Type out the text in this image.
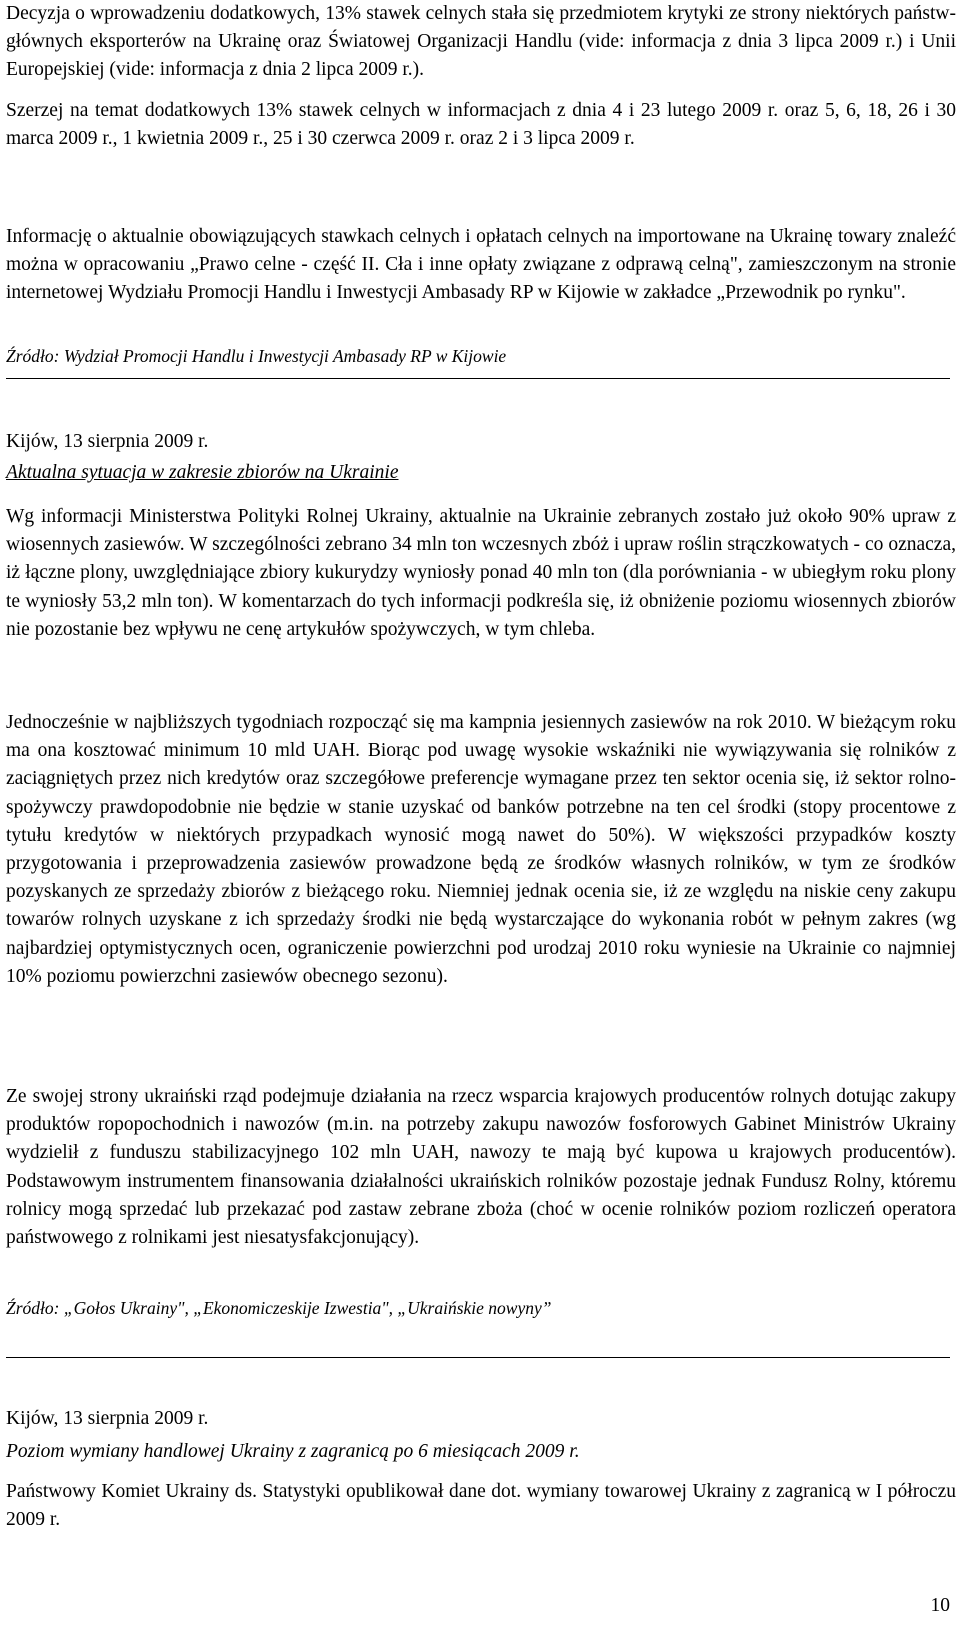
Decyzja o wprowadzeniu dodatkowych, 13% stawek celnych stała się przedmiotem krytyki ze strony niektórych państw-głównych eksporterów na Ukrainę oraz Światowej Organizacji Handlu (vide: informacja z dnia 3 lipca 2009 r.) i Unii Europejskiej (vide: informacja z dnia 2 lipca 2009 r.).

Szerzej na temat dodatkowych 13% stawek celnych w informacjach z dnia 4 i 23 lutego 2009 r. oraz 5, 6, 18, 26 i 30 marca 2009 r., 1 kwietnia 2009 r., 25 i 30 czerwca 2009 r. oraz 2 i 3 lipca 2009 r.

Informację o aktualnie obowiązujących stawkach celnych i opłatach celnych na importowane na Ukrainę towary znaleźć można w opracowaniu „Prawo celne - część II. Cła i inne opłaty związane z odprawą celną", zamieszczonym na stronie internetowej Wydziału Promocji Handlu i Inwestycji Ambasady RP w Kijowie w zakładce „Przewodnik po rynku".

Źródło: Wydział Promocji Handlu i Inwestycji Ambasady RP w Kijowie

Kijów, 13 sierpnia 2009 r.

Aktualna sytuacja w zakresie zbiorów na Ukrainie

Wg informacji Ministerstwa Polityki Rolnej Ukrainy, aktualnie na Ukrainie zebranych zostało już około 90% upraw z wiosennych zasiewów. W szczególności zebrano 34 mln ton wczesnych zbóż i upraw roślin strączkowatych - co oznacza, iż łączne plony, uwzględniające zbiory kukurydzy wyniosły ponad 40 mln ton (dla porówniania - w ubiegłym roku plony te wyniosły 53,2 mln ton). W komentarzach do tych informacji podkreśla się, iż obniżenie poziomu wiosennych zbiorów nie pozostanie bez wpływu ne cenę artykułów spożywczych, w tym chleba.

Jednocześnie w najbliższych tygodniach rozpocząć się ma kampnia jesiennych zasiewów na rok 2010. W bieżącym roku ma ona kosztować minimum 10 mld UAH. Biorąc pod uwagę wysokie wskaźniki nie wywiązywania się rolników z zaciągniętych przez nich kredytów oraz szczegółowe preferencje wymagane przez ten sektor ocenia się, iż sektor rolno-spożywczy prawdopodobnie nie będzie w stanie uzyskać od banków potrzebne na ten cel środki (stopy procentowe z tytułu kredytów w niektórych przypadkach wynosić mogą nawet do 50%). W większości przypadków koszty przygotowania i przeprowadzenia zasiewów prowadzone będą ze środków własnych rolników, w tym ze środków pozyskanych ze sprzedaży zbiorów z bieżącego roku. Niemniej jednak ocenia sie, iż ze względu na niskie ceny zakupu towarów rolnych uzyskane z ich sprzedaży środki nie będą wystarczające do wykonania robót w pełnym zakres (wg najbardziej optymistycznych ocen, ograniczenie powierzchni pod urodzaj 2010 roku wyniesie na Ukrainie co najmniej 10% poziomu powierzchni zasiewów obecnego sezonu).

Ze swojej strony ukraiński rząd podejmuje działania na rzecz wsparcia krajowych producentów rolnych dotując zakupy produktów ropopochodnich i nawozów (m.in. na potrzeby zakupu nawozów fosforowych Gabinet Ministrów Ukrainy wydzielił z funduszu stabilizacyjnego 102 mln UAH, nawozy te mają być kupowa u krajowych producentów). Podstawowym instrumentem finansowania działalności ukraińskich rolników pozostaje jednak Fundusz Rolny, któremu rolnicy mogą sprzedać lub przekazać pod zastaw zebrane zboża (choć w ocenie rolników poziom rozliczeń operatora państwowego z rolnikami jest niesatysfakcjonujący).

Źródło: „Gołos Ukrainy", „Ekonomiczeskije Izwestia", „Ukraińskie nowyny”

Kijów, 13 sierpnia 2009 r.

Poziom wymiany handlowej Ukrainy z zagranicą po 6 miesiącach 2009 r.

Państwowy Komiet Ukrainy ds. Statystyki opublikował dane dot. wymiany towarowej Ukrainy z zagranicą w I półroczu 2009 r.

10
